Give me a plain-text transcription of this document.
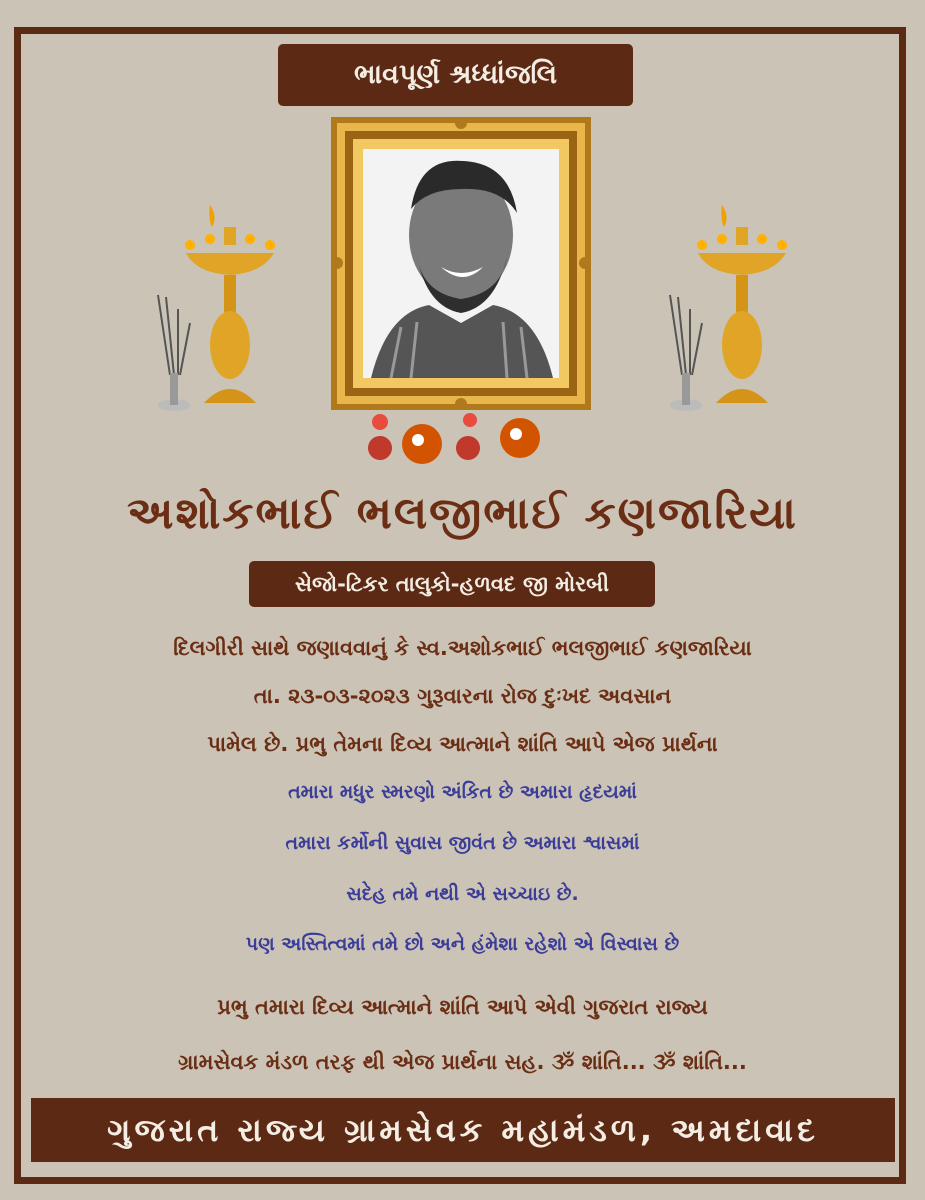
ભાવપૂર્ણ શ્રધ્ધાંજલિ
અશોકભાઈ ભલજીભાઈ કણજારિયા
સેજો-ટિકર તાલુકો-હળવદ જી મોરબી
દિલગીરી સાથે જણાવવાનું કે સ્વ.અશોકભાઈ ભલજીભાઈ કણજારિયા
તા. ૨૩-૦૩-૨૦૨૩ ગુરૂવારના રોજ દુઃખદ અવસાન
પામેલ છે. પ્રભુ તેમના દિવ્ય આત્માને શાંતિ આપે એજ પ્રાર્થના
તમારા મધુર સ્મરણો અંકિત છે અમારા હૃદયમાં
તમારા કર્મોની સુવાસ જીવંત છે અમારા શ્વાસમાં
સદેહ તમે નથી એ સચ્ચાઇ છે.
પણ અસ્તિત્વમાં તમે છો અને હંમેશા રહેશો એ વિસ્વાસ છે
પ્રભુ તમારા દિવ્ય આત્માને શાંતિ આપે એવી ગુજરાત રાજ્ય
ગ્રામસેવક મંડળ તરફ થી એજ પ્રાર્થના સહ. ૐ શાંતિ... ૐ શાંતિ...
ગુજરાત રાજ્ય ગ્રામસેવક મહામંડળ, અમદાવાદ
